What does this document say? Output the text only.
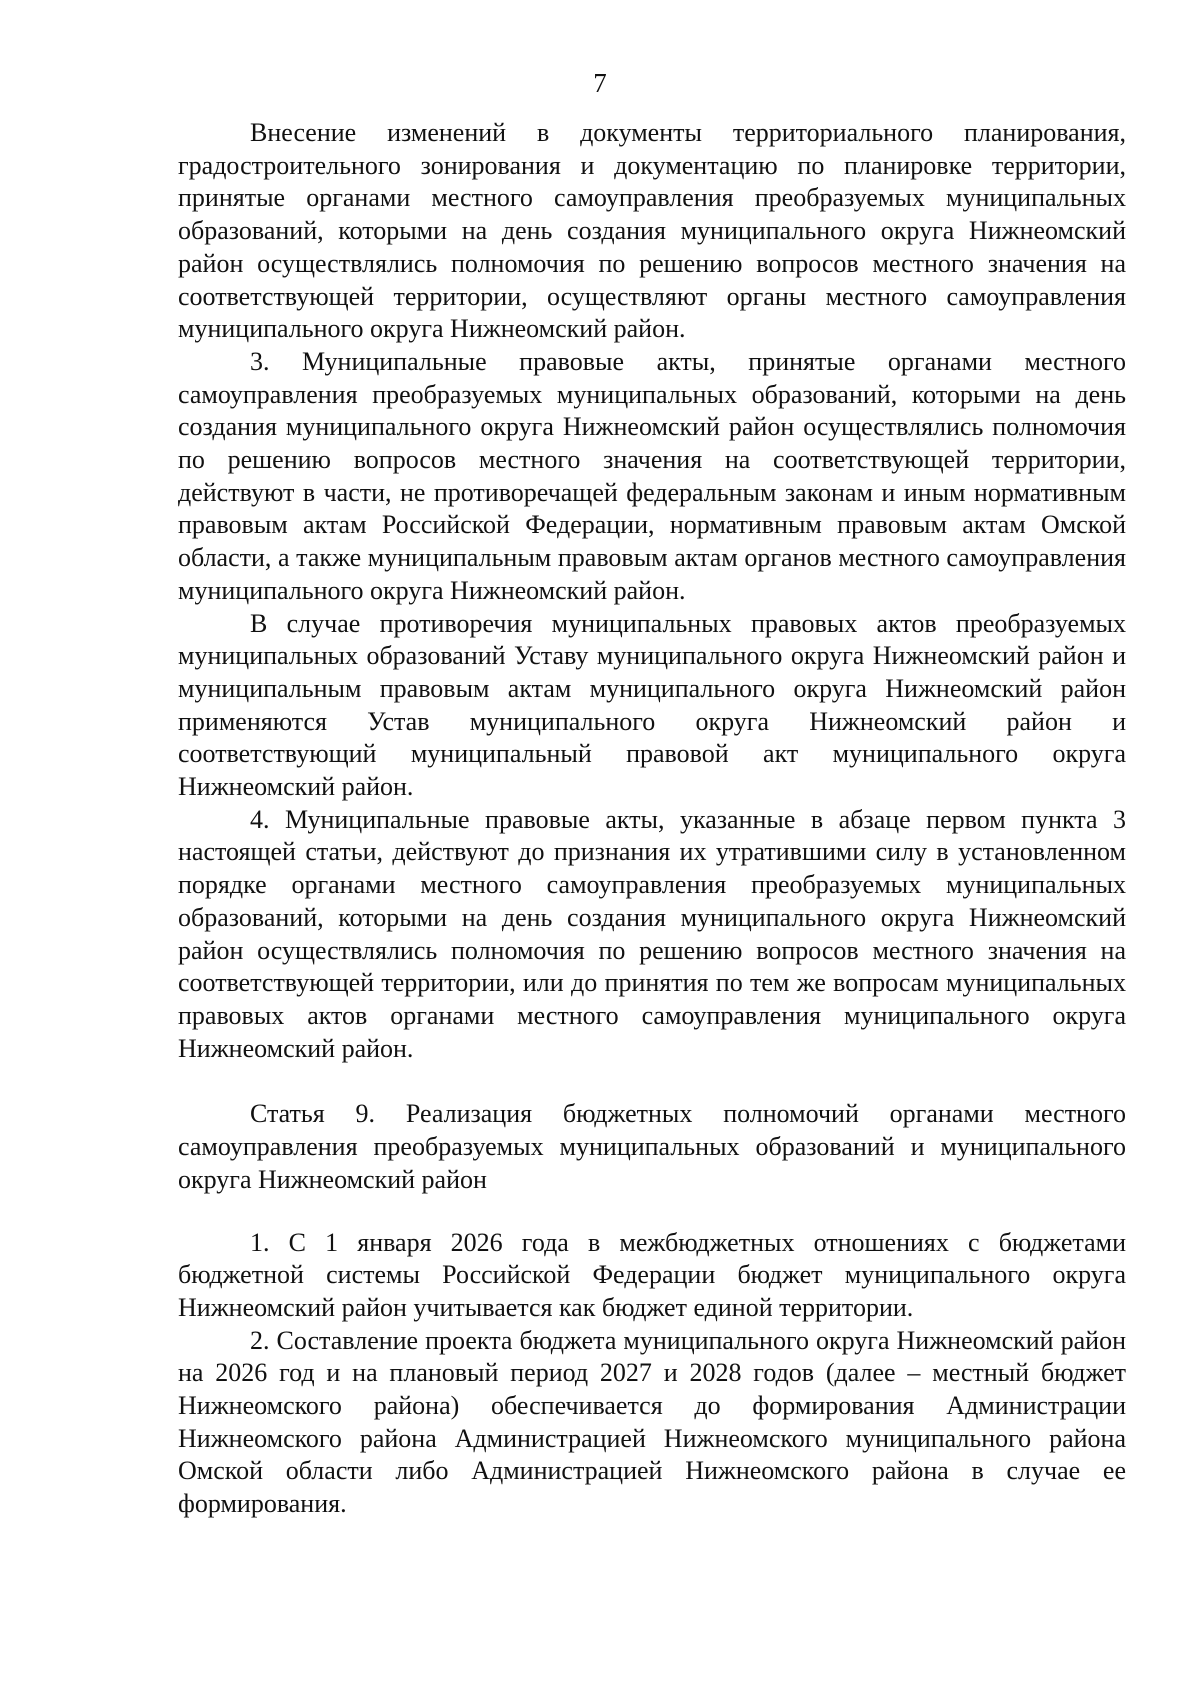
7

Внесение изменений в документы территориального планирования, градостроительного зонирования и документацию по планировке территории, принятые органами местного самоуправления преобразуемых муниципальных образований, которыми на день создания муниципального округа Нижнеомский район осуществлялись полномочия по решению вопросов местного значения на соответствующей территории, осуществляют органы местного самоуправления муниципального округа Нижнеомский район.

3. Муниципальные правовые акты, принятые органами местного самоуправления преобразуемых муниципальных образований, которыми на день создания муниципального округа Нижнеомский район осуществлялись полномочия по решению вопросов местного значения на соответствующей территории, действуют в части, не противоречащей федеральным законам и иным нормативным правовым актам Российской Федерации, нормативным правовым актам Омской области, а также муниципальным правовым актам органов местного самоуправления муниципального округа Нижнеомский район.

В случае противоречия муниципальных правовых актов преобразуемых муниципальных образований Уставу муниципального округа Нижнеомский район и муниципальным правовым актам муниципального округа Нижнеомский район применяются Устав муниципального округа Нижнеомский район и соответствующий муниципальный правовой акт муниципального округа Нижнеомский район.

4. Муниципальные правовые акты, указанные в абзаце первом пункта 3 настоящей статьи, действуют до признания их утратившими силу в установленном порядке органами местного самоуправления преобразуемых муниципальных образований, которыми на день создания муниципального округа Нижнеомский район осуществлялись полномочия по решению вопросов местного значения на соответствующей территории, или до принятия по тем же вопросам муниципальных правовых актов органами местного самоуправления муниципального округа Нижнеомский район.

Статья 9. Реализация бюджетных полномочий органами местного самоуправления преобразуемых муниципальных образований и муниципального округа Нижнеомский район

1. С 1 января 2026 года в межбюджетных отношениях с бюджетами бюджетной системы Российской Федерации бюджет муниципального округа Нижнеомский район учитывается как бюджет единой территории.

2. Составление проекта бюджета муниципального округа Нижнеомский район на 2026 год и на плановый период 2027 и 2028 годов (далее – местный бюджет Нижнеомского района) обеспечивается до формирования Администрации Нижнеомского района Администрацией Нижнеомского муниципального района Омской области либо Администрацией Нижнеомского района в случае ее формирования.
